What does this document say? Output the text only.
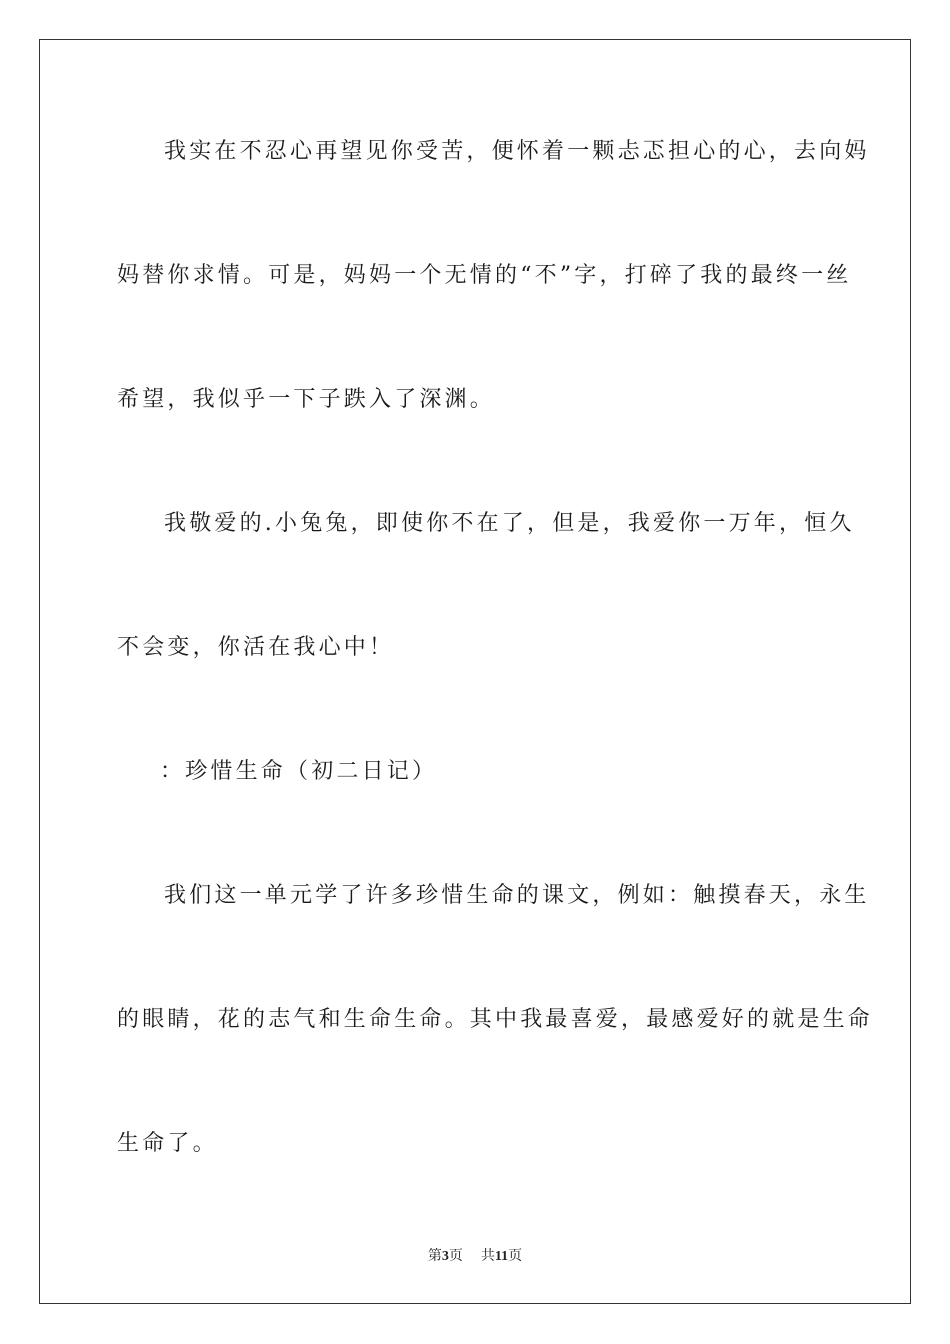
我实在不忍心再望见你受苦，便怀着一颗忐忑担心的心，去向妈
妈替你求情。可是，妈妈一个无情的“不”字，打碎了我的最终一丝
希望，我似乎一下子跌入了深渊。
我敬爱的.小兔兔，即使你不在了，但是，我爱你一万年，恒久
不会变，你活在我心中！
：珍惜生命（初二日记）
我们这一单元学了许多珍惜生命的课文，例如：触摸春天，永生
的眼睛，花的志气和生命生命。其中我最喜爱，最感爱好的就是生命
生命了。
第3页 共11页
